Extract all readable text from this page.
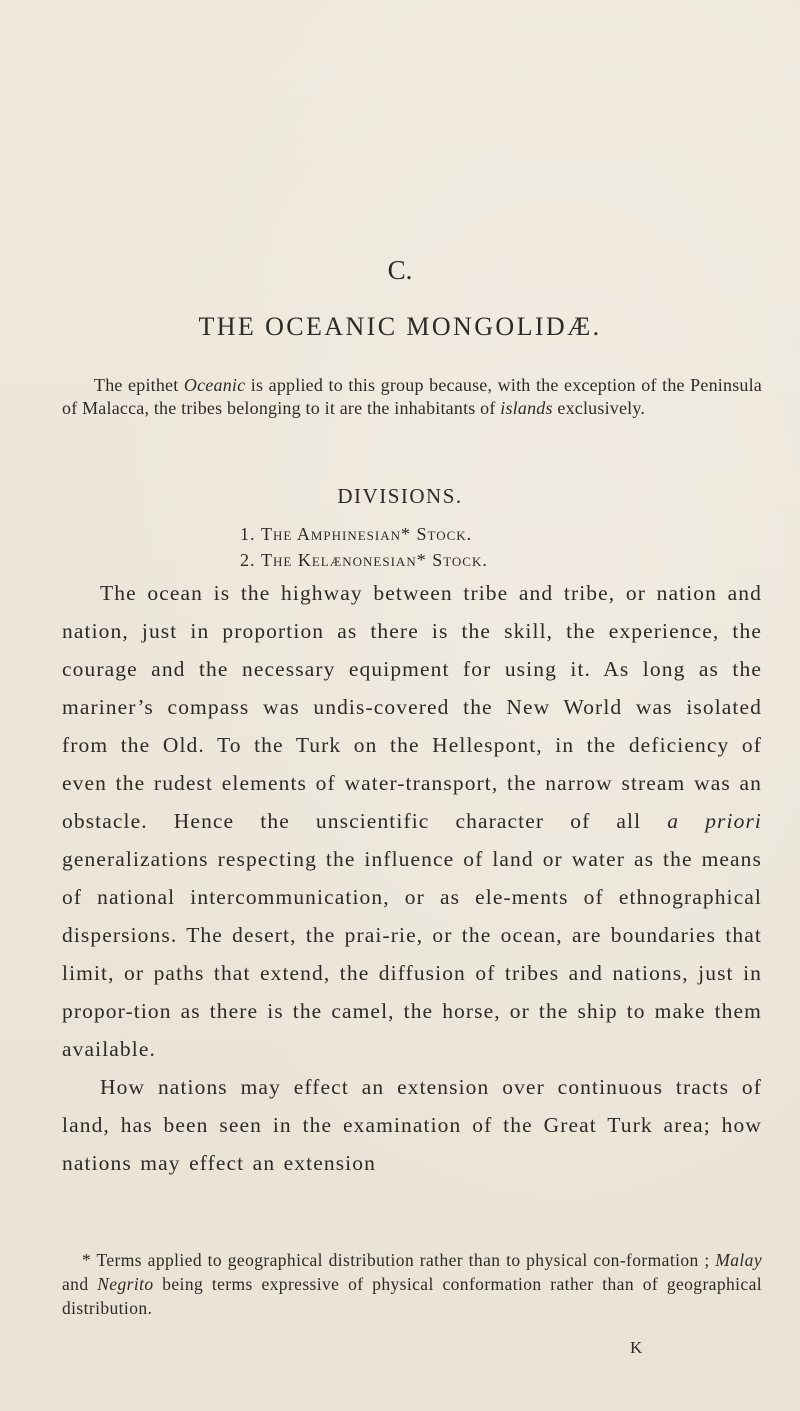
C.
THE OCEANIC MONGOLIDÆ.
The epithet Oceanic is applied to this group because, with the exception of the Peninsula of Malacca, the tribes belonging to it are the inhabitants of islands exclusively.
DIVISIONS.
1. The Amphinesian* Stock.
2. The Kelænonesian* Stock.

The ocean is the highway between tribe and tribe, or nation and nation, just in proportion as there is the skill, the experience, the courage and the necessary equipment for using it. As long as the mariner’s compass was undis-covered the New World was isolated from the Old. To the Turk on the Hellespont, in the deficiency of even the rudest elements of water-transport, the narrow stream was an obstacle. Hence the unscientific character of all a priori generalizations respecting the influence of land or water as the means of national intercommunication, or as ele-ments of ethnographical dispersions. The desert, the prai-rie, or the ocean, are boundaries that limit, or paths that extend, the diffusion of tribes and nations, just in propor-tion as there is the camel, the horse, or the ship to make them available.

How nations may effect an extension over continuous tracts of land, has been seen in the examination of the Great Turk area; how nations may effect an extension

* Terms applied to geographical distribution rather than to physical con-formation ; Malay and Negrito being terms expressive of physical conformation rather than of geographical distribution.
K
